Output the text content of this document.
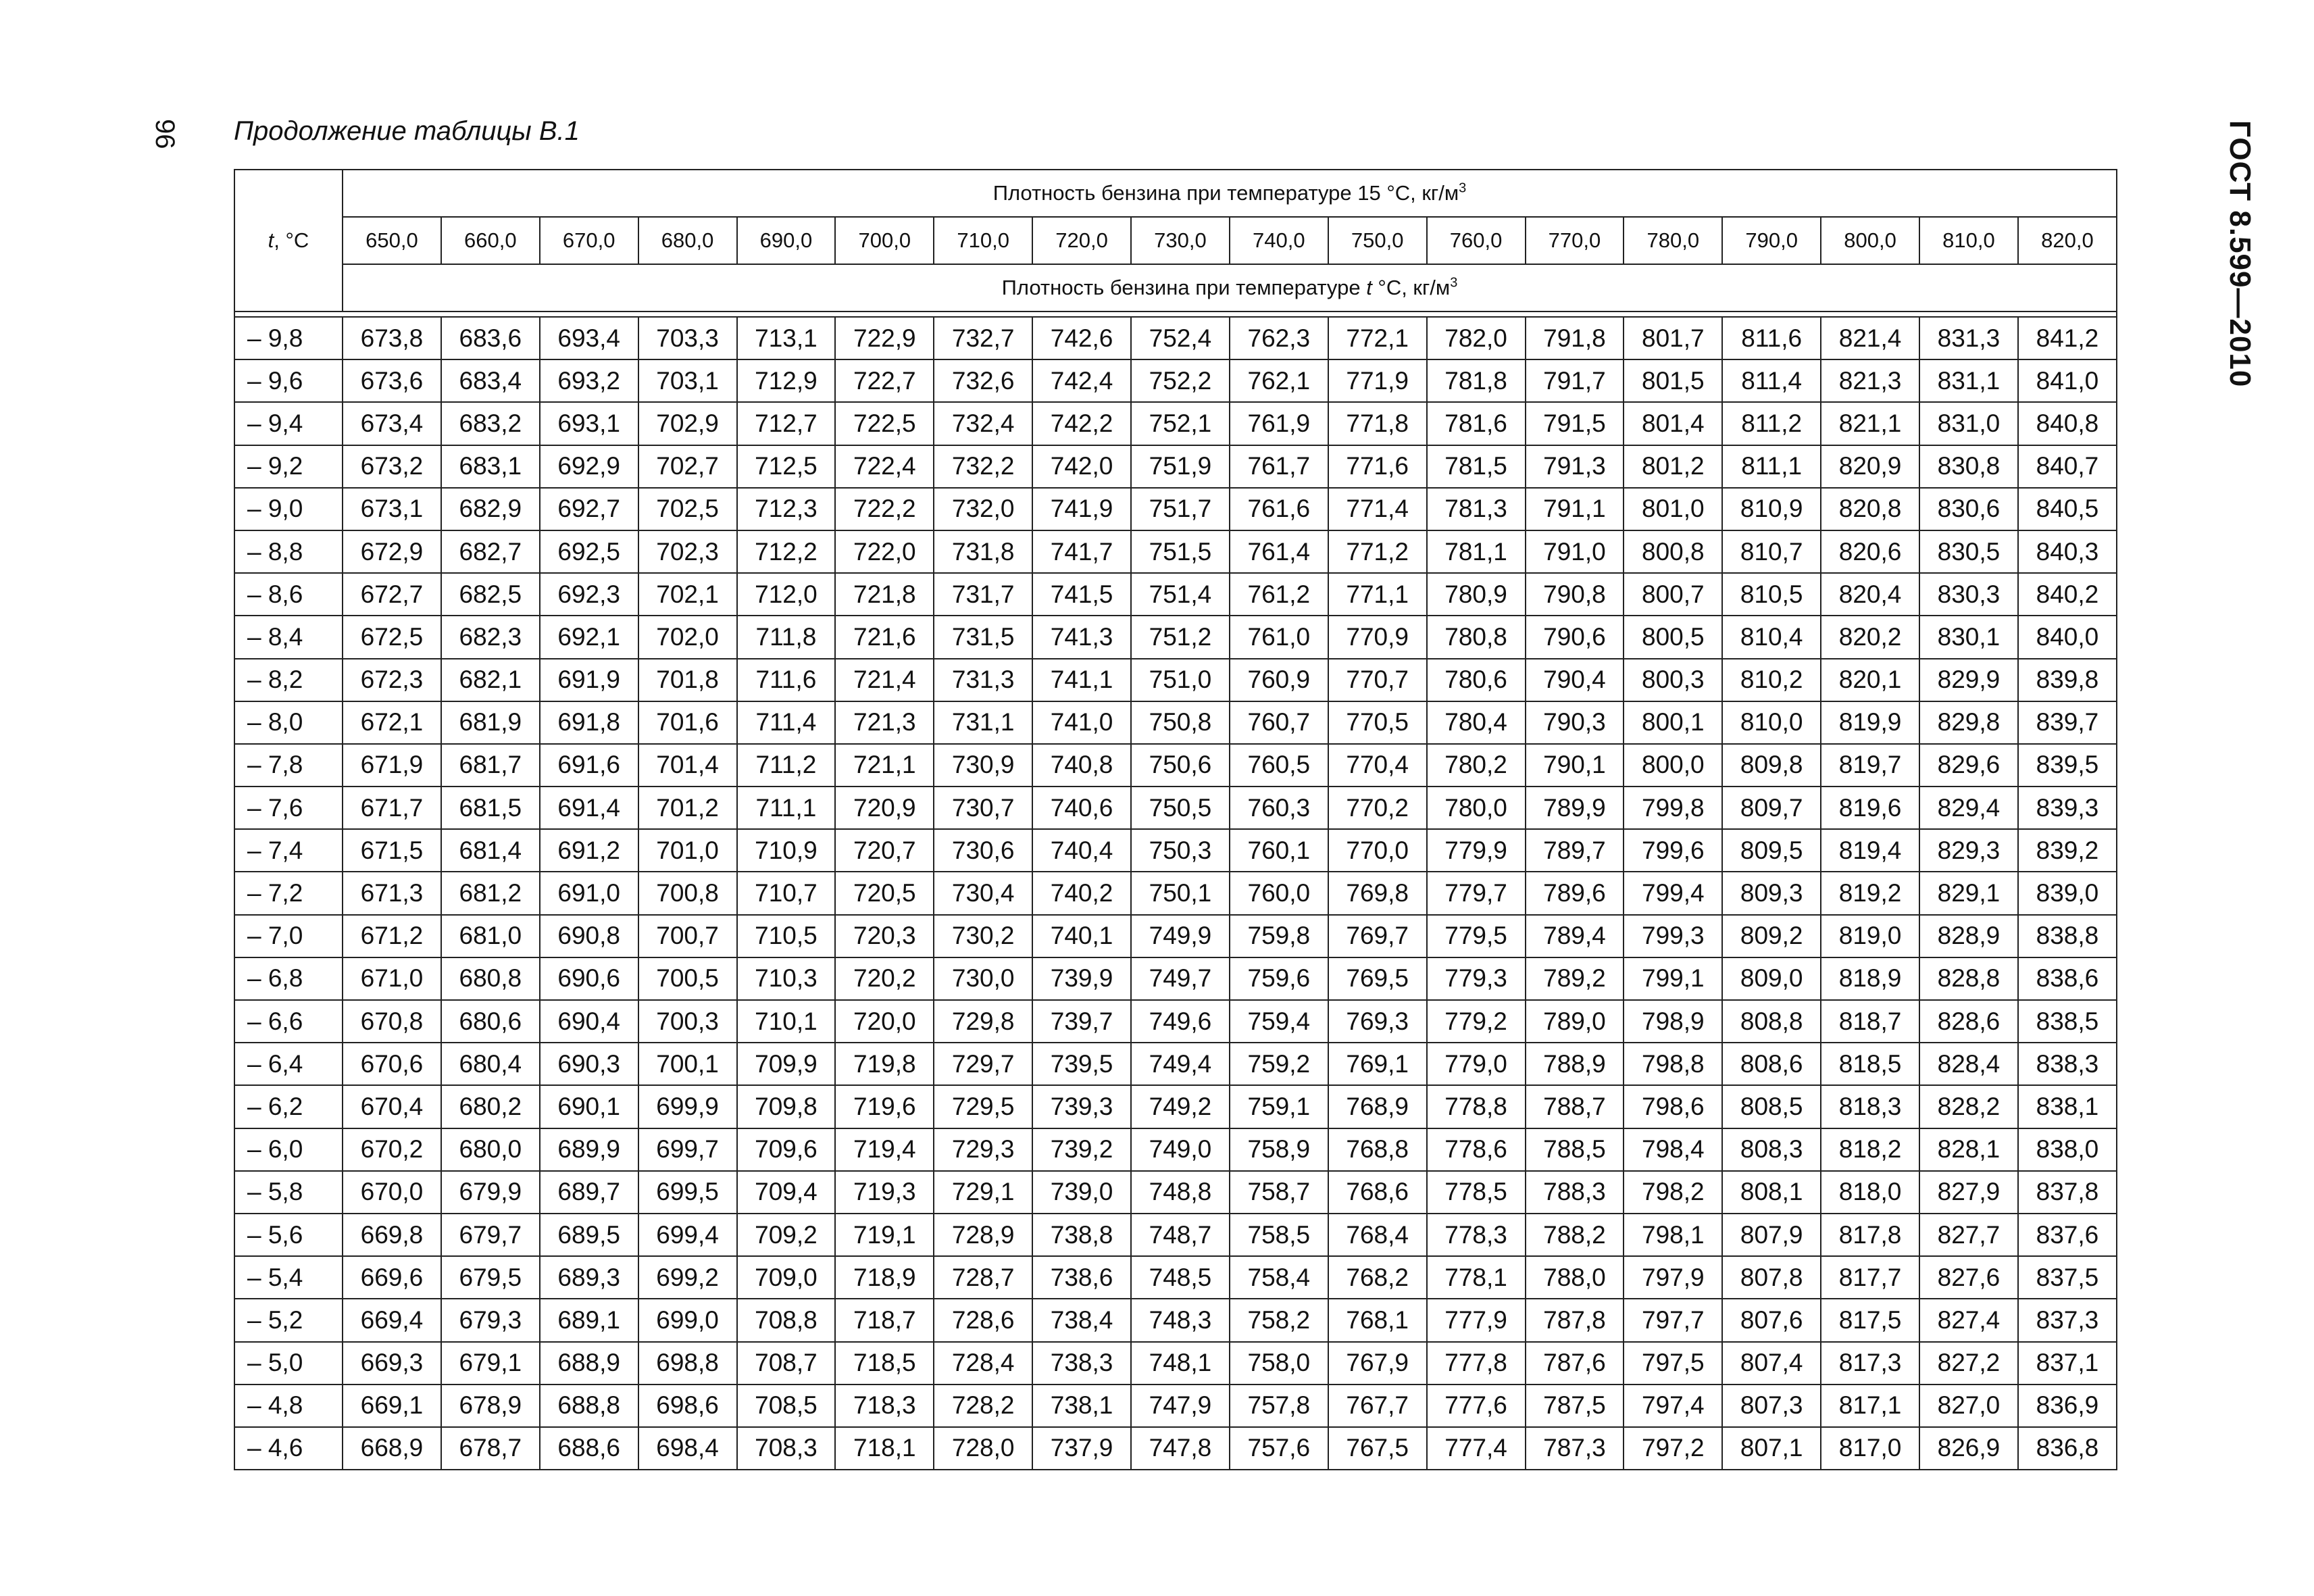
96 Продолжение таблицы В.1	ГОСТ 8.599—2010
t, °C	Плотность бензина при температуре 15 °С, $кг/м^3$
	650,0	660,0	670,0	680,0	690,0	700,0	710,0	720,0	730,0	740,0	750,0	760,0	770,0	780,0	790,0	800,0	810,0	820,0
	Плотность бензина при температуре t °С, $кг/м^3$

– 9,8	673,8	683,6	693,4	703,3	713,1	722,9	732,7	742,6	752,4	762,3	772,1	782,0	791,8	801,7	811,6	821,4	831,3	841,2
– 9,6	673,6	683,4	693,2	703,1	712,9	722,7	732,6	742,4	752,2	762,1	771,9	781,8	791,7	801,5	811,4	821,3	831,1	841,0
– 9,4	673,4	683,2	693,1	702,9	712,7	722,5	732,4	742,2	752,1	761,9	771,8	781,6	791,5	801,4	811,2	821,1	831,0	840,8
– 9,2	673,2	683,1	692,9	702,7	712,5	722,4	732,2	742,0	751,9	761,7	771,6	781,5	791,3	801,2	811,1	820,9	830,8	840,7
– 9,0	673,1	682,9	692,7	702,5	712,3	722,2	732,0	741,9	751,7	761,6	771,4	781,3	791,1	801,0	810,9	820,8	830,6	840,5
– 8,8	672,9	682,7	692,5	702,3	712,2	722,0	731,8	741,7	751,5	761,4	771,2	781,1	791,0	800,8	810,7	820,6	830,5	840,3
– 8,6	672,7	682,5	692,3	702,1	712,0	721,8	731,7	741,5	751,4	761,2	771,1	780,9	790,8	800,7	810,5	820,4	830,3	840,2
– 8,4	672,5	682,3	692,1	702,0	711,8	721,6	731,5	741,3	751,2	761,0	770,9	780,8	790,6	800,5	810,4	820,2	830,1	840,0
– 8,2	672,3	682,1	691,9	701,8	711,6	721,4	731,3	741,1	751,0	760,9	770,7	780,6	790,4	800,3	810,2	820,1	829,9	839,8
– 8,0	672,1	681,9	691,8	701,6	711,4	721,3	731,1	741,0	750,8	760,7	770,5	780,4	790,3	800,1	810,0	819,9	829,8	839,7
– 7,8	671,9	681,7	691,6	701,4	711,2	721,1	730,9	740,8	750,6	760,5	770,4	780,2	790,1	800,0	809,8	819,7	829,6	839,5
– 7,6	671,7	681,5	691,4	701,2	711,1	720,9	730,7	740,6	750,5	760,3	770,2	780,0	789,9	799,8	809,7	819,6	829,4	839,3
– 7,4	671,5	681,4	691,2	701,0	710,9	720,7	730,6	740,4	750,3	760,1	770,0	779,9	789,7	799,6	809,5	819,4	829,3	839,2
– 7,2	671,3	681,2	691,0	700,8	710,7	720,5	730,4	740,2	750,1	760,0	769,8	779,7	789,6	799,4	809,3	819,2	829,1	839,0
– 7,0	671,2	681,0	690,8	700,7	710,5	720,3	730,2	740,1	749,9	759,8	769,7	779,5	789,4	799,3	809,2	819,0	828,9	838,8
– 6,8	671,0	680,8	690,6	700,5	710,3	720,2	730,0	739,9	749,7	759,6	769,5	779,3	789,2	799,1	809,0	818,9	828,8	838,6
– 6,6	670,8	680,6	690,4	700,3	710,1	720,0	729,8	739,7	749,6	759,4	769,3	779,2	789,0	798,9	808,8	818,7	828,6	838,5
– 6,4	670,6	680,4	690,3	700,1	709,9	719,8	729,7	739,5	749,4	759,2	769,1	779,0	788,9	798,8	808,6	818,5	828,4	838,3
– 6,2	670,4	680,2	690,1	699,9	709,8	719,6	729,5	739,3	749,2	759,1	768,9	778,8	788,7	798,6	808,5	818,3	828,2	838,1
– 6,0	670,2	680,0	689,9	699,7	709,6	719,4	729,3	739,2	749,0	758,9	768,8	778,6	788,5	798,4	808,3	818,2	828,1	838,0
– 5,8	670,0	679,9	689,7	699,5	709,4	719,3	729,1	739,0	748,8	758,7	768,6	778,5	788,3	798,2	808,1	818,0	827,9	837,8
– 5,6	669,8	679,7	689,5	699,4	709,2	719,1	728,9	738,8	748,7	758,5	768,4	778,3	788,2	798,1	807,9	817,8	827,7	837,6
– 5,4	669,6	679,5	689,3	699,2	709,0	718,9	728,7	738,6	748,5	758,4	768,2	778,1	788,0	797,9	807,8	817,7	827,6	837,5
– 5,2	669,4	679,3	689,1	699,0	708,8	718,7	728,6	738,4	748,3	758,2	768,1	777,9	787,8	797,7	807,6	817,5	827,4	837,3
– 5,0	669,3	679,1	688,9	698,8	708,7	718,5	728,4	738,3	748,1	758,0	767,9	777,8	787,6	797,5	807,4	817,3	827,2	837,1
– 4,8	669,1	678,9	688,8	698,6	708,5	718,3	728,2	738,1	747,9	757,8	767,7	777,6	787,5	797,4	807,3	817,1	827,0	836,9
– 4,6	668,9	678,7	688,6	698,4	708,3	718,1	728,0	737,9	747,8	757,6	767,5	777,4	787,3	797,2	807,1	817,0	826,9	836,8
